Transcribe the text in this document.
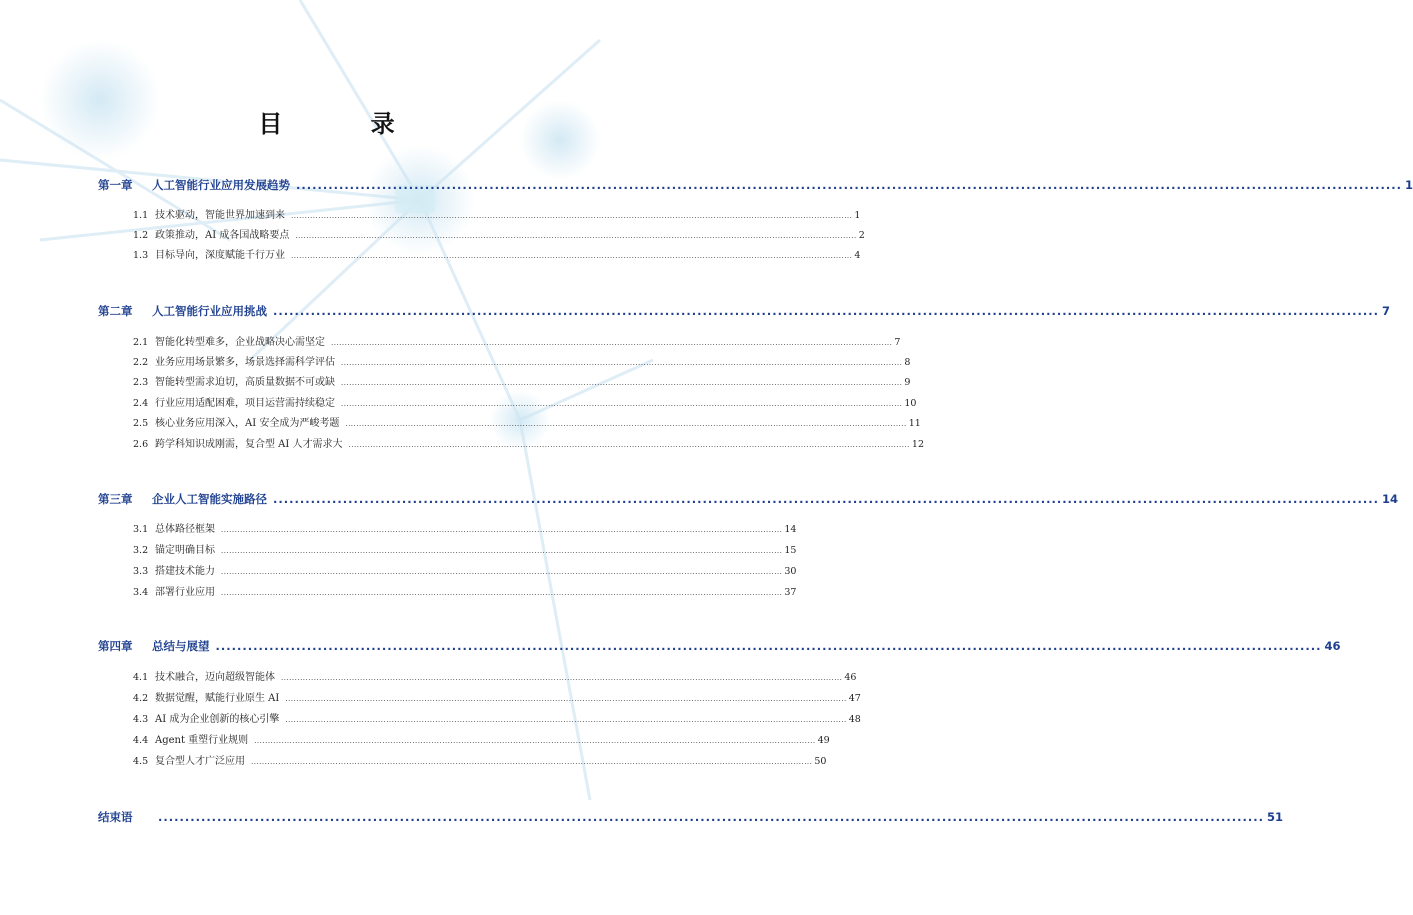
目 录
第一章	人工智能行业应用发展趋势 .............................................................................................................................................................................................................. 1
1.1 技术驱动，智能世界加速到来 .............................................................................................................................................................................................................. 1
1.2 政策推动，AI 成各国战略要点 .............................................................................................................................................................................................................. 2
1.3 目标导向，深度赋能千行万业 .............................................................................................................................................................................................................. 4
第二章	人工智能行业应用挑战 .............................................................................................................................................................................................................. 7
2.1 智能化转型难多，企业战略决心需坚定 .............................................................................................................................................................................................................. 7
2.2 业务应用场景繁多，场景选择需科学评估 .............................................................................................................................................................................................................. 8
2.3 智能转型需求迫切，高质量数据不可或缺 .............................................................................................................................................................................................................. 9
2.4 行业应用适配困难，项目运营需持续稳定 .............................................................................................................................................................................................................. 10
2.5 核心业务应用深入，AI 安全成为严峻考题 .............................................................................................................................................................................................................. 11
2.6 跨学科知识成刚需，复合型 AI 人才需求大 .............................................................................................................................................................................................................. 12
第三章	企业人工智能实施路径 .............................................................................................................................................................................................................. 14
3.1 总体路径框架 .............................................................................................................................................................................................................. 14
3.2 锚定明确目标 .............................................................................................................................................................................................................. 15
3.3 搭建技术能力 .............................................................................................................................................................................................................. 30
3.4 部署行业应用 .............................................................................................................................................................................................................. 37
第四章	总结与展望 .............................................................................................................................................................................................................. 46
4.1 技术融合，迈向超级智能体 .............................................................................................................................................................................................................. 46
4.2 数据觉醒，赋能行业原生 AI .............................................................................................................................................................................................................. 47
4.3 AI 成为企业创新的核心引擎 .............................................................................................................................................................................................................. 48
4.4 Agent 重塑行业规则 .............................................................................................................................................................................................................. 49
4.5 复合型人才广泛应用 .............................................................................................................................................................................................................. 50
结束语	.............................................................................................................................................................................................................. 51
